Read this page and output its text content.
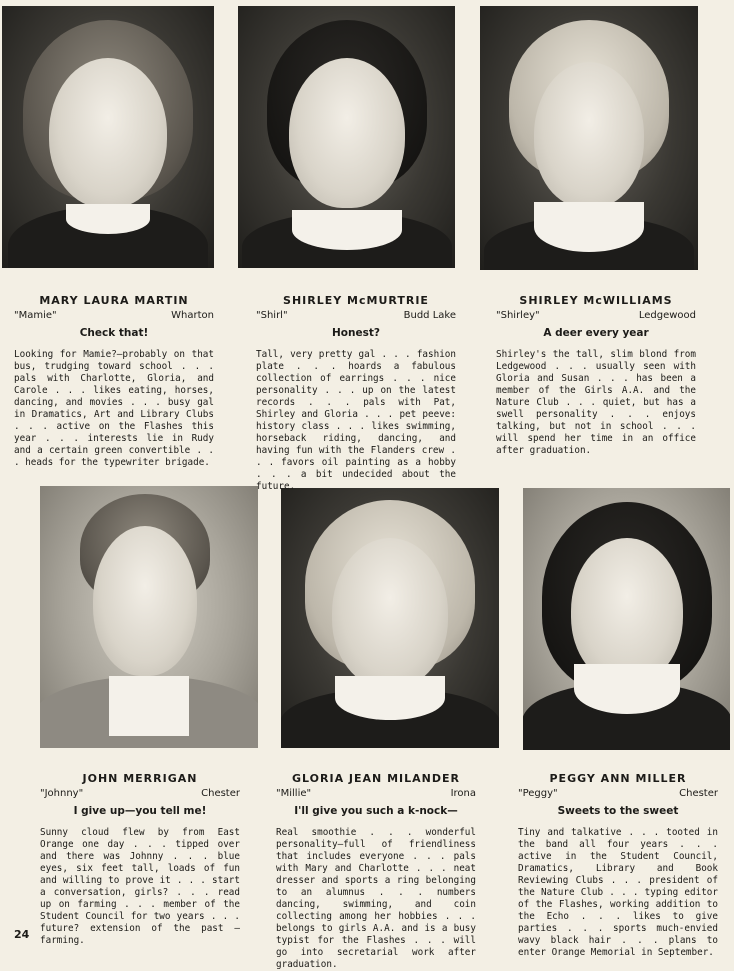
MARY LAURA MARTIN

"Mamie"	Wharton
Check that!
Looking for Mamie?—probably on that bus, trudging toward school . . . pals with Charlotte, Gloria, and Carole . . . likes eating, horses, dancing, and movies . . . busy gal in Dramatics, Art and Library Clubs . . . active on the Flashes this year . . . interests lie in Rudy and a certain green convertible . . . heads for the typewriter brigade.

SHIRLEY McMURTRIE

"Shirl"	Budd Lake
Honest?
Tall, very pretty gal . . . fashion plate . . . hoards a fabulous collection of earrings . . . nice personality . . . up on the latest records . . . pals with Pat, Shirley and Gloria . . . pet peeve: history class . . . likes swimming, horseback riding, dancing, and having fun with the Flanders crew . . . favors oil painting as a hobby . . . a bit undecided about the future.

SHIRLEY McWILLIAMS

"Shirley"	Ledgewood
A deer every year
Shirley's the tall, slim blond from Ledgewood . . . usually seen with Gloria and Susan . . . has been a member of the Girls A.A. and the Nature Club . . . quiet, but has a swell personality . . . enjoys talking, but not in school . . . will spend her time in an office after graduation.

JOHN MERRIGAN

"Johnny"	Chester
I give up—you tell me!
Sunny cloud flew by from East Orange one day . . . tipped over and there was Johnny . . . blue eyes, six feet tall, loads of fun and willing to prove it . . . start a conversation, girls? . . . read up on farming . . . member of the Student Council for two years . . . future? extension of the past — farming.

GLORIA JEAN MILANDER

"Millie"	Irona
I'll give you such a k-nock—
Real smoothie . . . wonderful personality—full of friendliness that includes everyone . . . pals with Mary and Charlotte . . . neat dresser and sports a ring belonging to an alumnus . . . numbers dancing, swimming, and coin collecting among her hobbies . . . belongs to girls A.A. and is a busy typist for the Flashes . . . will go into secretarial work after graduation.

PEGGY ANN MILLER

"Peggy"	Chester
Sweets to the sweet
Tiny and talkative . . . tooted in the band all four years . . . active in the Student Council, Dramatics, Library and Book Reviewing Clubs . . . president of the Nature Club . . . typing editor of the Flashes, working addition to the Echo . . . likes to give parties . . . sports much-envied wavy black hair . . . plans to enter Orange Memorial in September.
24
